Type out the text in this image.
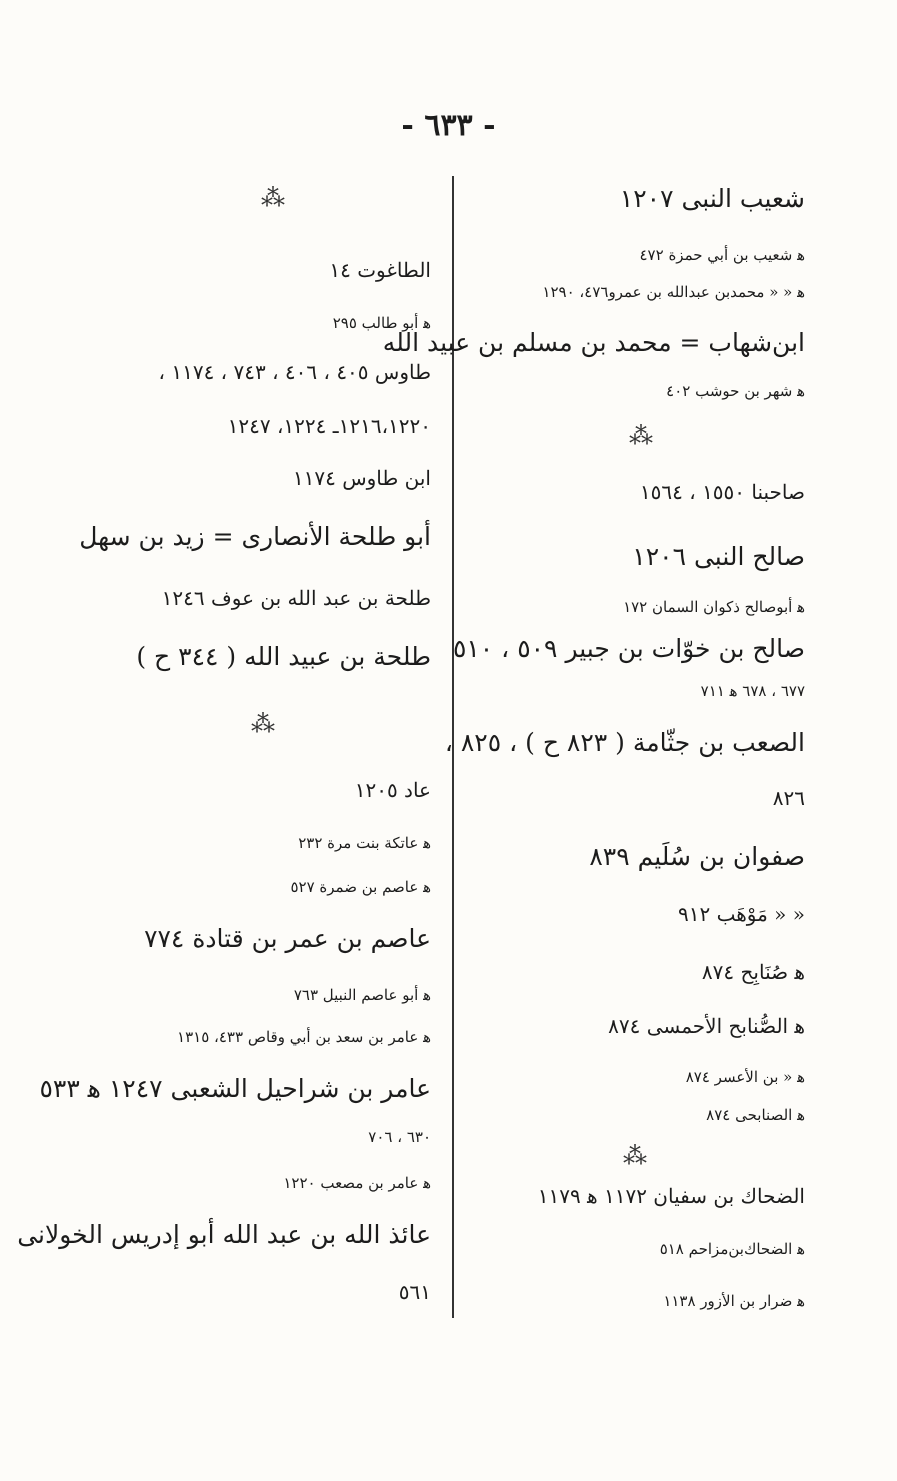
- ٦٣٣ -
شعيب النبى ١٢٠٧
ﻫ شعيب بن أبي حمزة ٤٧٢
ﻫ « « محمدبن عبدالله بن عمرو٤٧٦، ١٢٩٠
ابن‌شهاب = محمد بن مسلم بن عبيد الله
ﻫ شهر بن حوشب ٤٠٢
⁂
صاحبنا ١٥٥٠ ، ١٥٦٤
صالح النبى ١٢٠٦
ﻫ أبوصالح ذكوان السمان ١٧٢
صالح بن خوّات بن جبير ٥٠٩ ، ٥١٠
٦٧٧ ، ٦٧٨ ﻫ ٧١١
الصعب بن جثّامة ( ٨٢٣ ح ) ، ٨٢٥ ،
٨٢٦
صفوان بن سُلَيم ٨٣٩
« « مَوْهَب ٩١٢
ﻫ صُنَابِح ٨٧٤
ﻫ الصُّنابح الأحمسى ٨٧٤
ﻫ « بن الأعسر ٨٧٤
ﻫ الصنابحى ٨٧٤
⁂
الضحاك بن سفيان ١١٧٢ ﻫ ١١٧٩
ﻫ الضحاك‌بن‌مزاحم ٥١٨
ﻫ ضرار بن الأزور ١١٣٨
⁂
الطاغوت ١٤
ﻫ أبو طالب ٢٩٥
طاوس ٤٠٥ ، ٤٠٦ ، ٧٤٣ ، ١١٧٤ ،
١٢١٦،١٢٢٠ـ ١٢٢٤، ١٢٤٧
ابن طاوس ١١٧٤
أبو طلحة الأنصارى = زيد بن سهل
طلحة بن عبد الله بن عوف ١٢٤٦
طلحة بن عبيد الله ( ٣٤٤ ح )
⁂
عاد ١٢٠٥
ﻫ عاتكة بنت مرة ٢٣٢
ﻫ عاصم بن ضمرة ٥٢٧
عاصم بن عمر بن قتادة ٧٧٤
ﻫ أبو عاصم النبيل ٧٦٣
ﻫ عامر بن سعد بن أبي وقاص ٤٣٣، ١٣١٥
عامر بن شراحيل الشعبى ١٢٤٧ ﻫ ٥٣٣
٦٣٠ ، ٧٠٦
ﻫ عامر بن مصعب ١٢٢٠
عائذ الله بن عبد الله أبو إدريس الخولانى
٥٦١
